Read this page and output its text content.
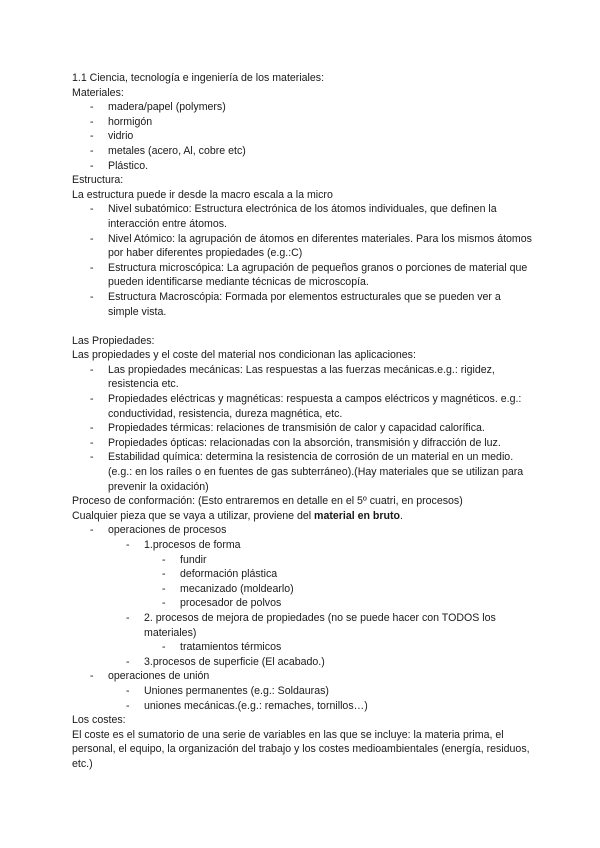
1.1 Ciencia, tecnología e ingeniería de los materiales:

Materiales:

- madera/papel (polymers)
- hormigón
- vidrio
- metales (acero, Al, cobre etc)
- Plástico.

Estructura:

La estructura puede ir desde la macro escala a la micro

- Nivel subatómico: Estructura electrónica de los átomos individuales, que definen la interacción entre átomos.
- Nivel Atómico: la agrupación de átomos en diferentes materiales. Para los mismos átomos por haber diferentes propiedades (e.g.:C)
- Estructura microscópica: La agrupación de pequeños granos o porciones de material que pueden identificarse mediante técnicas de microscopía.
- Estructura Macroscópia: Formada por elementos estructurales que se pueden ver a simple vista.

Las Propiedades:

Las propiedades y el coste del material nos condicionan las aplicaciones:

- Las propiedades mecánicas: Las respuestas a las fuerzas mecánicas.e.g.: rigidez, resistencia etc.
- Propiedades eléctricas y magnéticas: respuesta a campos eléctricos y magnéticos. e.g.: conductividad, resistencia, dureza magnética, etc.
- Propiedades térmicas: relaciones de transmisión de calor y capacidad calorífica.
- Propiedades ópticas: relacionadas con la absorción, transmisión y difracción de luz.
- Estabilidad química: determina la resistencia de corrosión de un material en un medio. (e.g.: en los raíles o en fuentes de gas subterráneo).(Hay materiales que se utilizan para prevenir la oxidación)

Proceso de conformación: (Esto entraremos en detalle en el 5º cuatri, en procesos)

Cualquier pieza que se vaya a utilizar, proviene del material en bruto.

- operaciones de procesos
- 1.procesos de forma
- fundir
- deformación plástica
- mecanizado (moldearlo)
- procesador de polvos
- 2. procesos de mejora de propiedades (no se puede hacer con TODOS los materiales)
- tratamientos térmicos
- 3.procesos de superficie (El acabado.)
- operaciones de unión
- Uniones permanentes (e.g.: Soldauras)
- uniones mecánicas.(e.g.: remaches, tornillos…)

Los costes:

El coste es el sumatorio de una serie de variables en las que se incluye: la materia prima, el personal, el equipo, la organización del trabajo y los costes medioambientales (energía, residuos, etc.)
